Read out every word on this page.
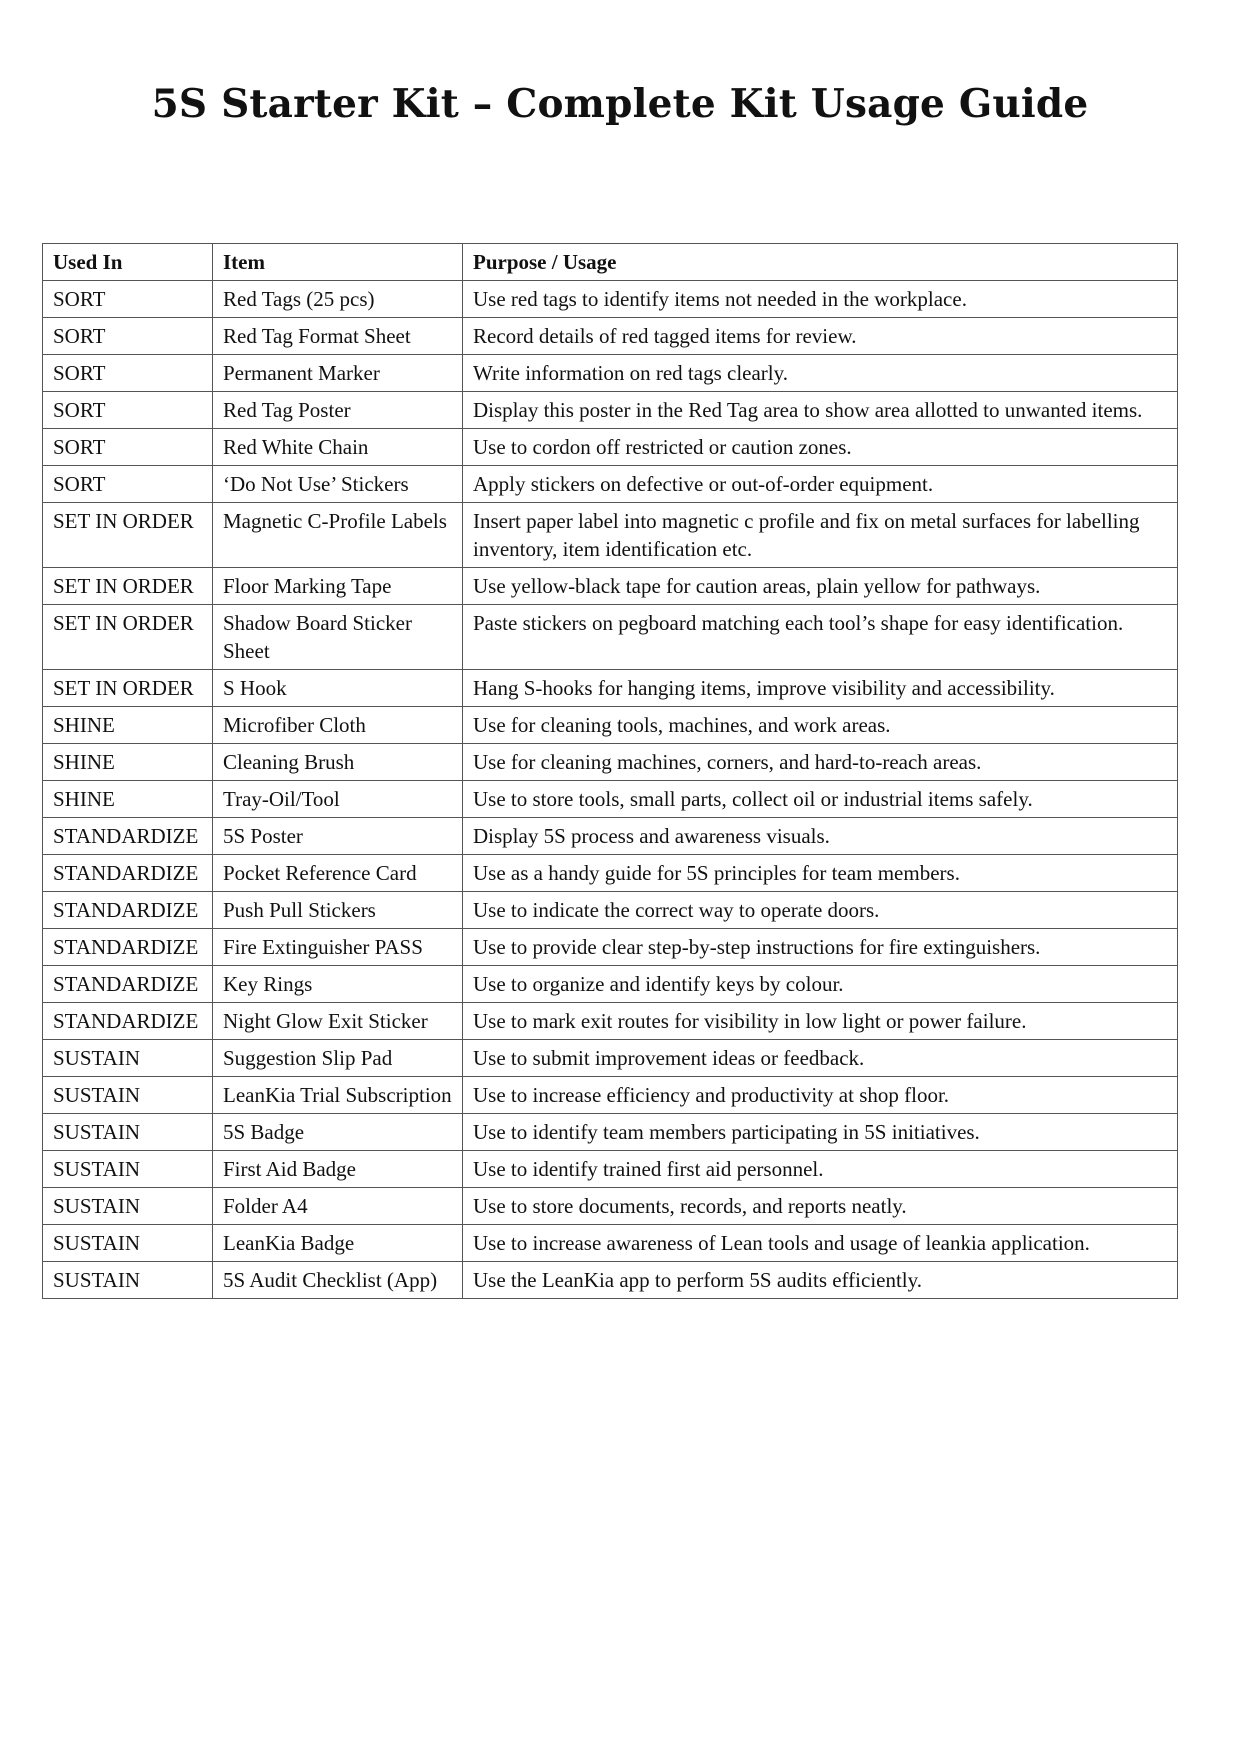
5S Starter Kit – Complete Kit Usage Guide
Used In	Item	Purpose / Usage
SORT	Red Tags (25 pcs)	Use red tags to identify items not needed in the workplace.
SORT	Red Tag Format Sheet	Record details of red tagged items for review.
SORT	Permanent Marker	Write information on red tags clearly.
SORT	Red Tag Poster	Display this poster in the Red Tag area to show area allotted to unwanted items.
SORT	Red White Chain	Use to cordon off restricted or caution zones.
SORT	‘Do Not Use’ Stickers	Apply stickers on defective or out-of-order equipment.
SET IN ORDER	Magnetic C-Profile Labels	Insert paper label into magnetic c profile and fix on metal surfaces for labelling inventory, item identification etc.
SET IN ORDER	Floor Marking Tape	Use yellow-black tape for caution areas, plain yellow for pathways.
SET IN ORDER	Shadow Board Sticker Sheet	Paste stickers on pegboard matching each tool’s shape for easy identification.
SET IN ORDER	S Hook	Hang S-hooks for hanging items, improve visibility and accessibility.
SHINE	Microfiber Cloth	Use for cleaning tools, machines, and work areas.
SHINE	Cleaning Brush	Use for cleaning machines, corners, and hard-to-reach areas.
SHINE	Tray-Oil/Tool	Use to store tools, small parts, collect oil or industrial items safely.
STANDARDIZE	5S Poster	Display 5S process and awareness visuals.
STANDARDIZE	Pocket Reference Card	Use as a handy guide for 5S principles for team members.
STANDARDIZE	Push Pull Stickers	Use to indicate the correct way to operate doors.
STANDARDIZE	Fire Extinguisher PASS	Use to provide clear step-by-step instructions for fire extinguishers.
STANDARDIZE	Key Rings	Use to organize and identify keys by colour.
STANDARDIZE	Night Glow Exit Sticker	Use to mark exit routes for visibility in low light or power failure.
SUSTAIN	Suggestion Slip Pad	Use to submit improvement ideas or feedback.
SUSTAIN	LeanKia Trial Subscription	Use to increase efficiency and productivity at shop floor.
SUSTAIN	5S Badge	Use to identify team members participating in 5S initiatives.
SUSTAIN	First Aid Badge	Use to identify trained first aid personnel.
SUSTAIN	Folder A4	Use to store documents, records, and reports neatly.
SUSTAIN	LeanKia Badge	Use to increase awareness of Lean tools and usage of leankia application.
SUSTAIN	5S Audit Checklist (App)	Use the LeanKia app to perform 5S audits efficiently.
